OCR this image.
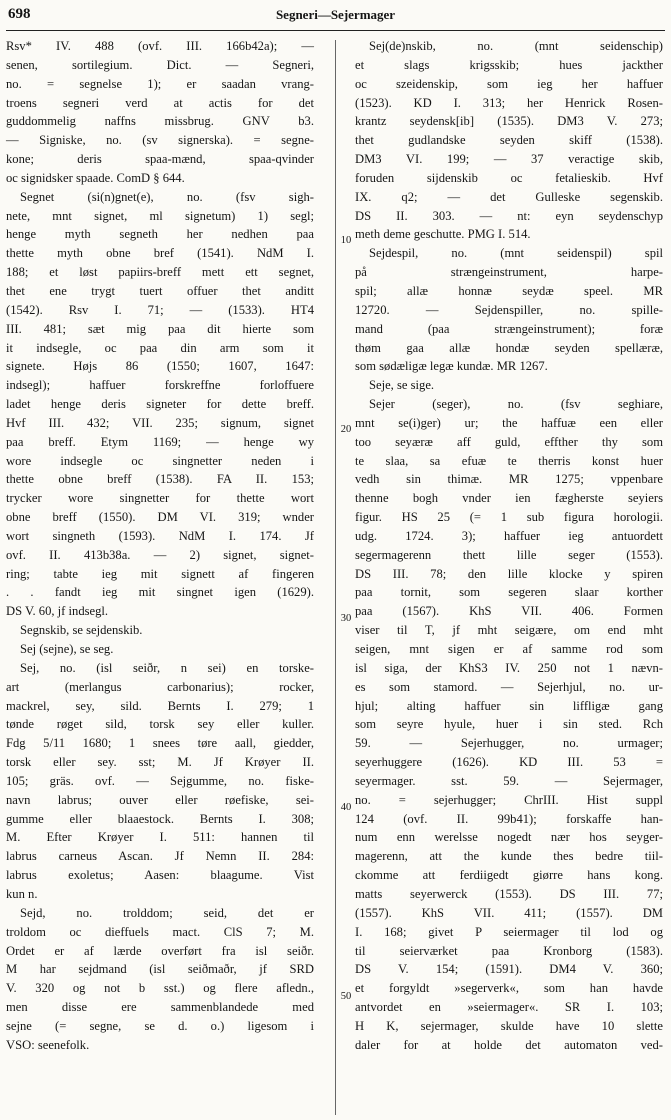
698	Segneri—Sejermager
Rsv* IV. 488 (ovf. III. 166b42a); —
senen, sortilegium. Dict. — Segneri,
no. = segnelse 1); er saadan vrang-
troens segneri verd at actis for det
guddommelig naffns missbrug. GNV b3.
— Signiske, no. (sv signerska). = segne-
kone; deris spaa-mænd, spaa-qvinder
oc signidsker spaade. ComD § 644.
Segnet (si(n)gnet(e), no. (fsv sigh-
nete, mnt signet, ml signetum) 1) segl;
henge myth segneth her nedhen paa
thette myth obne bref (1541). NdM I.
188; et løst papiirs-breff mett ett segnet,
thet ene trygt tuert offuer thet anditt
(1542). Rsv I. 71; — (1533). HT4
III. 481; sæt mig paa dit hierte som
it indsegle, oc paa din arm som it
signete. Højs 86 (1550; 1607, 1647:
indsegl); haffuer forskreffne forloffuere
ladet henge deris signeter for dette breff.
Hvf III. 432; VII. 235; signum, signet
paa breff. Etym 1169; — henge wy
wore indsegle oc singnetter neden i
thette obne breff (1538). FA II. 153;
trycker wore singnetter for thette wort
obne breff (1550). DM VI. 319; wnder
wort singneth (1593). NdM I. 174. Jf
ovf. II. 413b38a. — 2) signet, signet-
ring; tabte ieg mit signett af fingeren
. . fandt ieg mit singnet igen (1629).
DS V. 60, jf indsegl.
Segnskib, se sejdenskib.
Sej (sejne), se seg.
Sej, no. (isl seiðr, n sei) en torske-
art (merlangus carbonarius); rocker,
mackrel, sey, sild. Bernts I. 279; 1
tønde røget sild, torsk sey eller kuller.
Fdg 5/11 1680; 1 snees tøre aall, giedder,
torsk eller sey. sst; M. Jf Krøyer II.
105; gräs. ovf. — Sejgumme, no. fiske-
navn labrus; ouver eller røefiske, sei-
gumme eller blaaestock. Bernts I. 308;
M. Efter Krøyer I. 511: hannen til
labrus carneus Ascan. Jf Nemn II. 284:
labrus exoletus; Aasen: blaagume. Vist
kun n.
Sejd, no. trolddom; seid, det er
troldom oc dieffuels mact. ClS 7; M.
Ordet er af lærde overført fra isl seiðr.
M har sejdmand (isl seiðmaðr, jf SRD
V. 320 og not b sst.) og flere afledn.,
men disse ere sammenblandede med
sejne (= segne, se d. o.) ligesom i
VSO: seenefolk.
Sej(de)nskib, no. (mnt seidenschip)
et slags krigsskib; hues jackther
oc szeidenskip, som ieg her haffuer
(1523). KD I. 313; her Henrick Rosen-
krantz seydensk[ib] (1535). DM3 V. 273;
thet gudlandske seyden skiff (1538).
DM3 VI. 199; — 37 veractige skib,
foruden sijdenskib oc fetalieskib. Hvf
IX. q2; — det Gulleske segenskib.
DS II. 303. — nt: eyn seydenschyp
meth deme geschutte. PMG I. 514.
Sejdespil, no. (mnt seidenspil) spil
på strængeinstrument, harpe-
spil; allæ honnæ seydæ speel. MR
12720. — Sejdenspiller, no. spille-
mand (paa strængeinstrument); foræ
thøm gaa allæ hondæ seyden spellæræ,
som sødæligæ legæ kundæ. MR 1267.
Seje, se sige.
Sejer (seger), no. (fsv seghiare,
mnt se(i)ger) ur; the haffuæ een eller
too seyæræ aff guld, effther thy som
te slaa, sa efuæ te therris konst huer
vedh sin thimæ. MR 1275; vppenbare
thenne bogh vnder ien fægherste seyiers
figur. HS 25 (= 1 sub figura horologii.
udg. 1724. 3); haffuer ieg antuordett
segermagerenn thett lille seger (1553).
DS III. 78; den lille klocke y spiren
paa tornit, som segeren slaar korther
paa (1567). KhS VII. 406. Formen
viser til T, jf mht seigære, om end mht
seigen, mnt sigen er af samme rod som
isl siga, der KhS3 IV. 250 not 1 nævn-
es som stamord. — Sejerhjul, no. ur-
hjul; alting haffuer sin liffligæ gang
som seyre hyule, huer i sin sted. Rch
59. — Sejerhugger, no. urmager;
seyerhuggere (1626). KD III. 53 =
seyermager. sst. 59. — Sejermager,
no. = sejerhugger; ChrIII. Hist suppl
124 (ovf. II. 99b41); forskaffe han-
num enn werelsse nogedt nær hos seyger-
magerenn, att the kunde thes bedre tiil-
ckomme att ferdiigedt giørre hans kong.
matts seyerwerck (1553). DS III. 77;
(1557). KhS VII. 411; (1557). DM
I. 168; givet P seiermager til lod og
til seierværket paa Kronborg (1583).
DS V. 154; (1591). DM4 V. 360;
et forgyldt »segerverk«, som han havde
antvordet en »seiermager«. SR I. 103;
H K, sejermager, skulde have 10 slette
daler for at holde det automaton ved-
10
20
30
40
50
